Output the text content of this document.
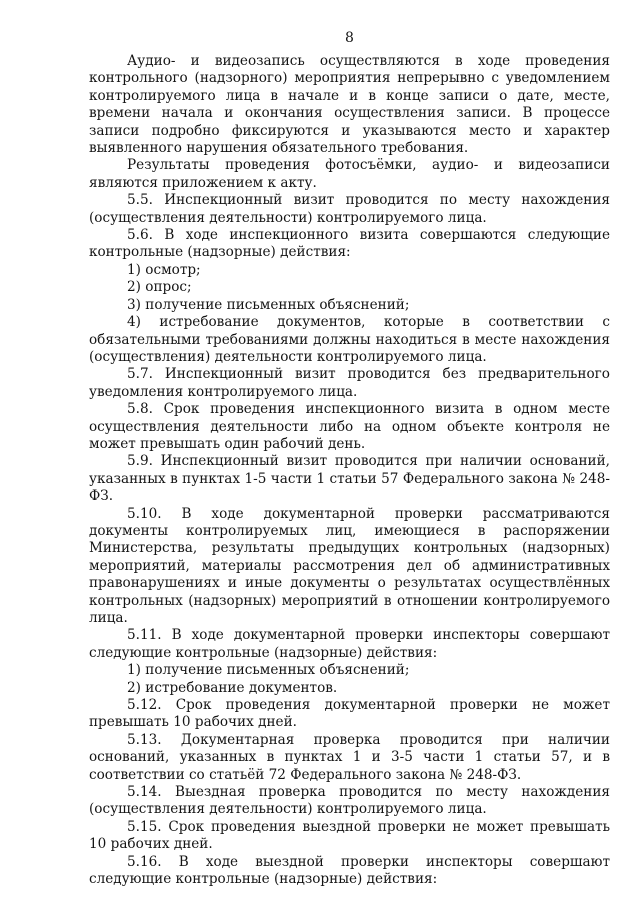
8

Аудио- и видеозапись осуществляются в ходе проведения контрольного (надзорного) мероприятия непрерывно с уведомлением контролируемого лица в начале и в конце записи о дате, месте, времени начала и окончания осуществления записи. В процессе записи подробно фиксируются и указываются место и характер выявленного нарушения обязательного требования.

Результаты проведения фотосъёмки, аудио- и видеозаписи являются приложением к акту.

5.5. Инспекционный визит проводится по месту нахождения (осуществления деятельности) контролируемого лица.

5.6. В ходе инспекционного визита совершаются следующие контрольные (надзорные) действия:

1) осмотр;

2) опрос;

3) получение письменных объяснений;

4) истребование документов, которые в соответствии с обязательными требованиями должны находиться в месте нахождения (осуществления) деятельности контролируемого лица.

5.7. Инспекционный визит проводится без предварительного уведомления контролируемого лица.

5.8. Срок проведения инспекционного визита в одном месте осуществления деятельности либо на одном объекте контроля не может превышать один рабочий день.

5.9. Инспекционный визит проводится при наличии оснований, указанных в пунктах 1-5 части 1 статьи 57 Федерального закона № 248-ФЗ.

5.10. В ходе документарной проверки рассматриваются документы контролируемых лиц, имеющиеся в распоряжении Министерства, результаты предыдущих контрольных (надзорных) мероприятий, материалы рассмотрения дел об административных правонарушениях и иные документы о результатах осуществлённых контрольных (надзорных) мероприятий в отношении контролируемого лица.

5.11. В ходе документарной проверки инспекторы совершают следующие контрольные (надзорные) действия:

1) получение письменных объяснений;

2) истребование документов.

5.12. Срок проведения документарной проверки не может превышать 10 рабочих дней.

5.13. Документарная проверка проводится при наличии оснований, указанных в пунктах 1 и 3-5 части 1 статьи 57, и в соответствии со статьёй 72 Федерального закона № 248-ФЗ.

5.14. Выездная проверка проводится по месту нахождения (осуществления деятельности) контролируемого лица.

5.15. Срок проведения выездной проверки не может превышать 10 рабочих дней.

5.16. В ходе выездной проверки инспекторы совершают следующие контрольные (надзорные) действия:
